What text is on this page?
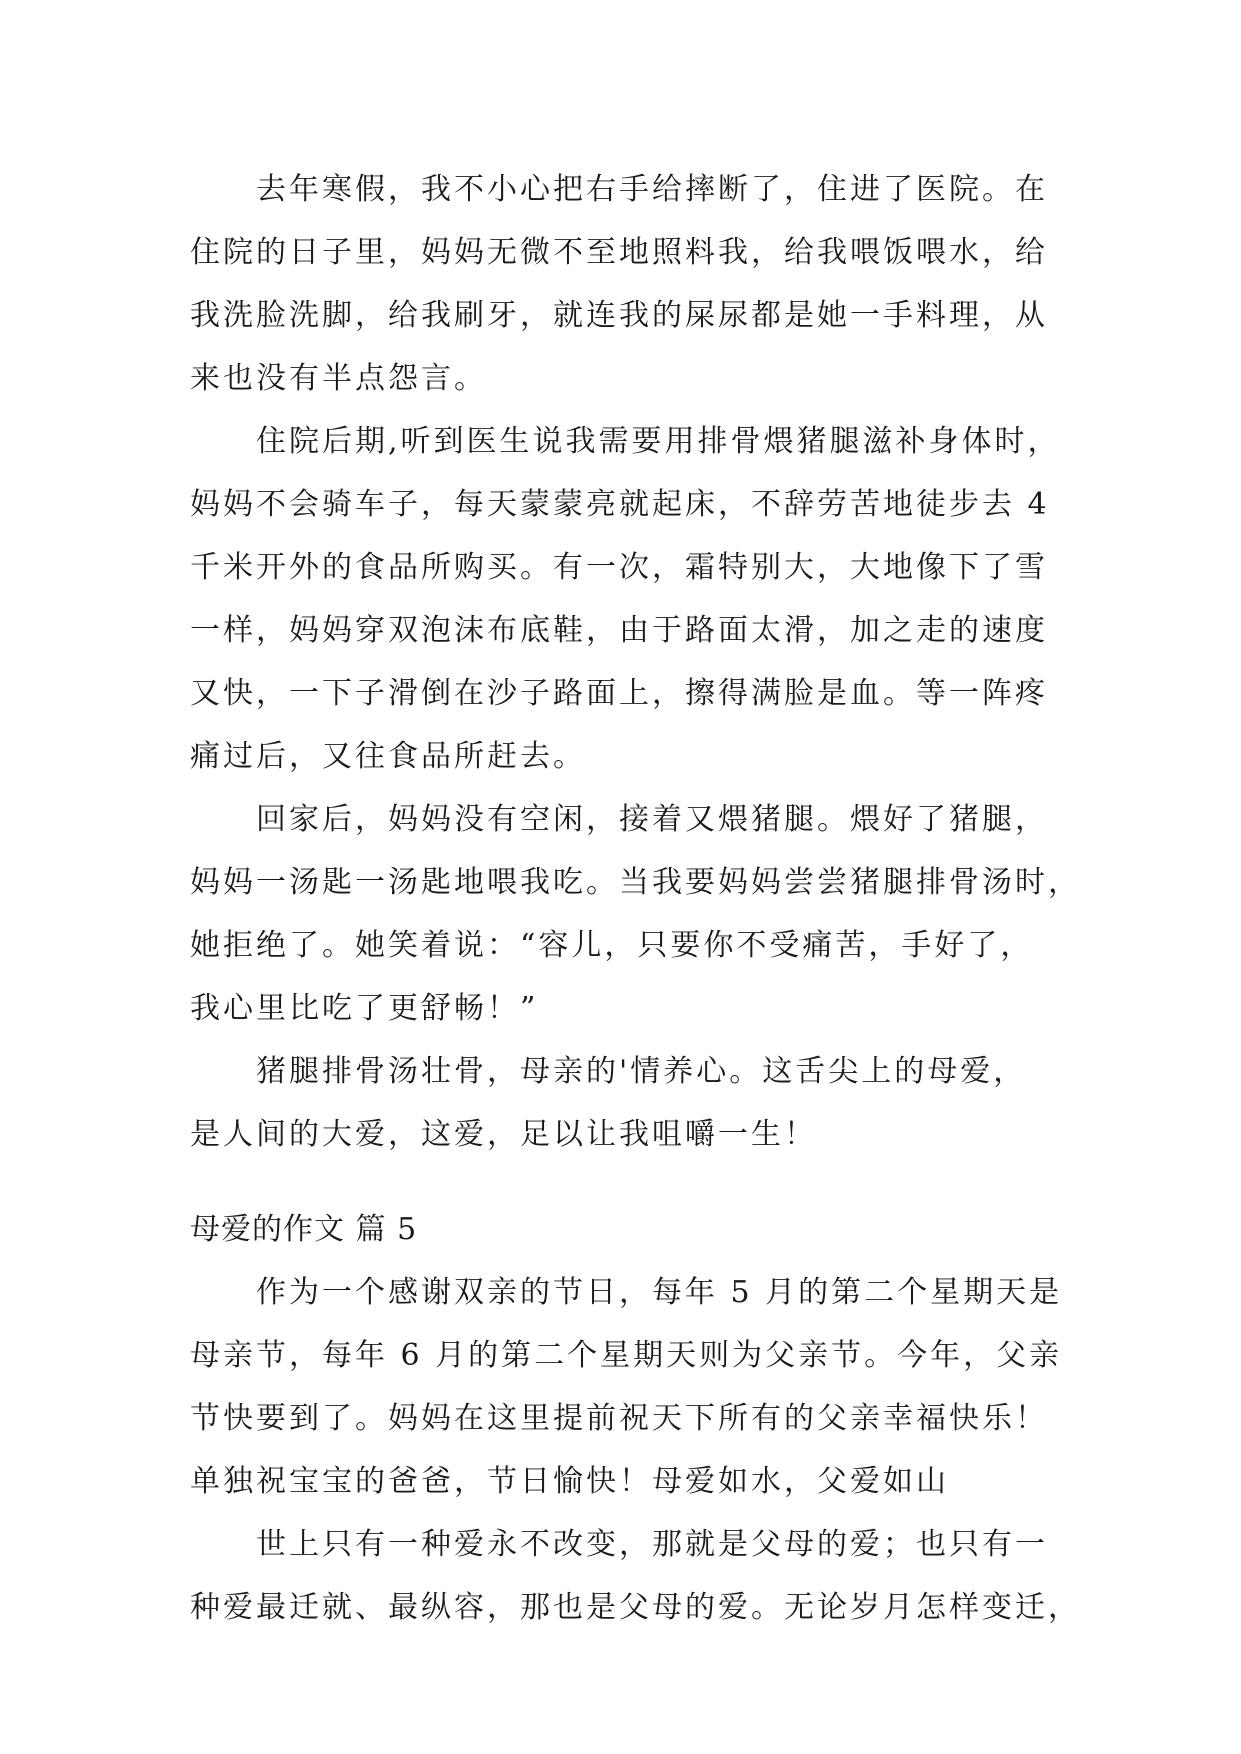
去年寒假，我不小心把右手给摔断了，住进了医院。在
住院的日子里，妈妈无微不至地照料我，给我喂饭喂水，给
我洗脸洗脚，给我刷牙，就连我的屎尿都是她一手料理，从
来也没有半点怨言。
住院后期,听到医生说我需要用排骨煨猪腿滋补身体时，
妈妈不会骑车子，每天蒙蒙亮就起床，不辞劳苦地徒步去 4
千米开外的食品所购买。有一次，霜特别大，大地像下了雪
一样，妈妈穿双泡沫布底鞋，由于路面太滑，加之走的速度
又快，一下子滑倒在沙子路面上，擦得满脸是血。等一阵疼
痛过后，又往食品所赶去。
回家后，妈妈没有空闲，接着又煨猪腿。煨好了猪腿，
妈妈一汤匙一汤匙地喂我吃。当我要妈妈尝尝猪腿排骨汤时，
她拒绝了。她笑着说：“容儿，只要你不受痛苦，手好了，
我心里比吃了更舒畅！”
猪腿排骨汤壮骨，母亲的'情养心。这舌尖上的母爱，
是人间的大爱，这爱，足以让我咀嚼一生！
母爱的作文 篇 5
作为一个感谢双亲的节日，每年 5 月的第二个星期天是
母亲节，每年 6 月的第二个星期天则为父亲节。今年，父亲
节快要到了。妈妈在这里提前祝天下所有的父亲幸福快乐！
单独祝宝宝的爸爸，节日愉快！母爱如水，父爱如山
世上只有一种爱永不改变，那就是父母的爱；也只有一
种爱最迁就、最纵容，那也是父母的爱。无论岁月怎样变迁，
